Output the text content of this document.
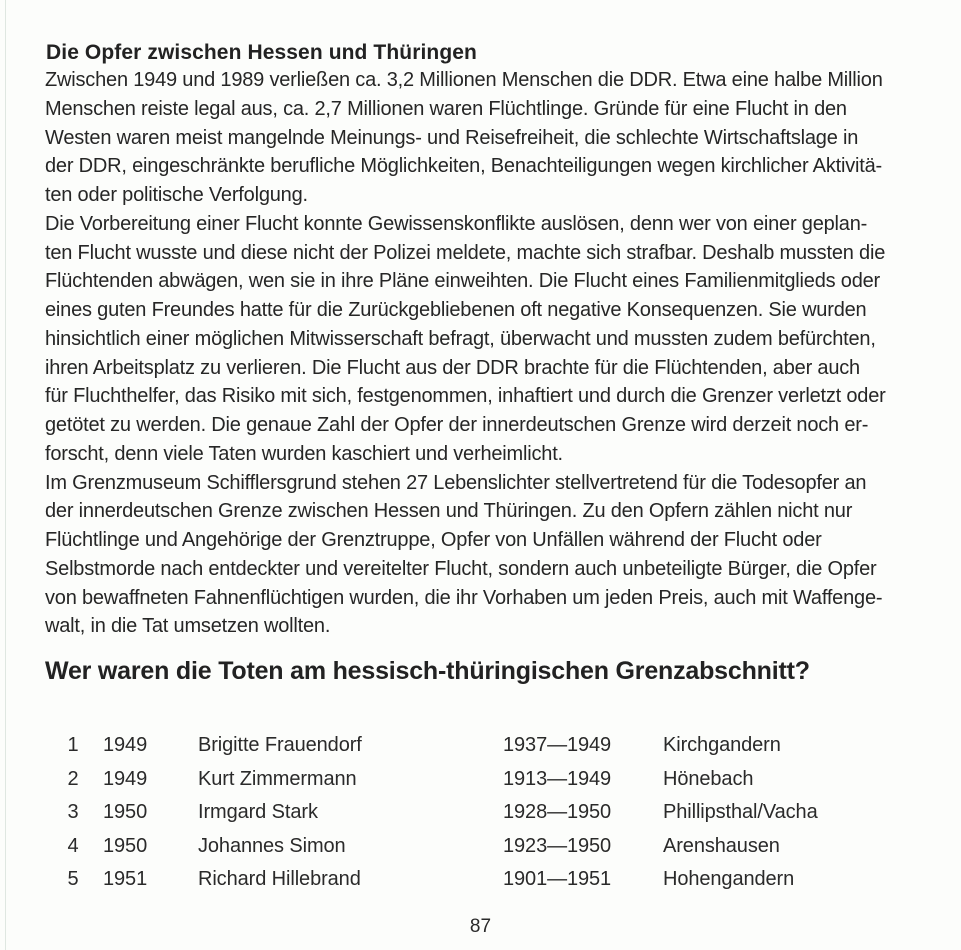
Die Opfer zwischen Hessen und Thüringen
Zwischen 1949 und 1989 verließen ca. 3,2 Millionen Menschen die DDR. Etwa eine halbe Million
Menschen reiste legal aus, ca. 2,7 Millionen waren Flüchtlinge. Gründe für eine Flucht in den
Westen waren meist mangelnde Meinungs- und Reisefreiheit, die schlechte Wirtschaftslage in
der DDR, eingeschränkte berufliche Möglichkeiten, Benachteiligungen wegen kirchlicher Aktivitä-
ten oder politische Verfolgung.
Die Vorbereitung einer Flucht konnte Gewissenskonflikte auslösen, denn wer von einer geplan-
ten Flucht wusste und diese nicht der Polizei meldete, machte sich strafbar. Deshalb mussten die
Flüchtenden abwägen, wen sie in ihre Pläne einweihten. Die Flucht eines Familienmitglieds oder
eines guten Freundes hatte für die Zurückgebliebenen oft negative Konsequenzen. Sie wurden
hinsichtlich einer möglichen Mitwisserschaft befragt, überwacht und mussten zudem befürchten,
ihren Arbeitsplatz zu verlieren. Die Flucht aus der DDR brachte für die Flüchtenden, aber auch
für Fluchthelfer, das Risiko mit sich, festgenommen, inhaftiert und durch die Grenzer verletzt oder
getötet zu werden. Die genaue Zahl der Opfer der innerdeutschen Grenze wird derzeit noch er-
forscht, denn viele Taten wurden kaschiert und verheimlicht.
Im Grenzmuseum Schifflersgrund stehen 27 Lebenslichter stellvertretend für die Todesopfer an
der innerdeutschen Grenze zwischen Hessen und Thüringen. Zu den Opfern zählen nicht nur
Flüchtlinge und Angehörige der Grenztruppe, Opfer von Unfällen während der Flucht oder
Selbstmorde nach entdeckter und vereitelter Flucht, sondern auch unbeteiligte Bürger, die Opfer
von bewaffneten Fahnenflüchtigen wurden, die ihr Vorhaben um jeden Preis, auch mit Waffenge-
walt, in die Tat umsetzen wollten.
Wer waren die Toten am hessisch-thüringischen Grenzabschnitt?
1 1949	Brigitte Frauendorf	1937—1949	Kirchgandern
2 1949	Kurt Zimmermann	1913—1949	Hönebach
3 1950	Irmgard Stark	1928—1950	Phillipsthal/Vacha
4 1950	Johannes Simon	1923—1950	Arenshausen
5 1951	Richard Hillebrand	1901—1951	Hohengandern
87
